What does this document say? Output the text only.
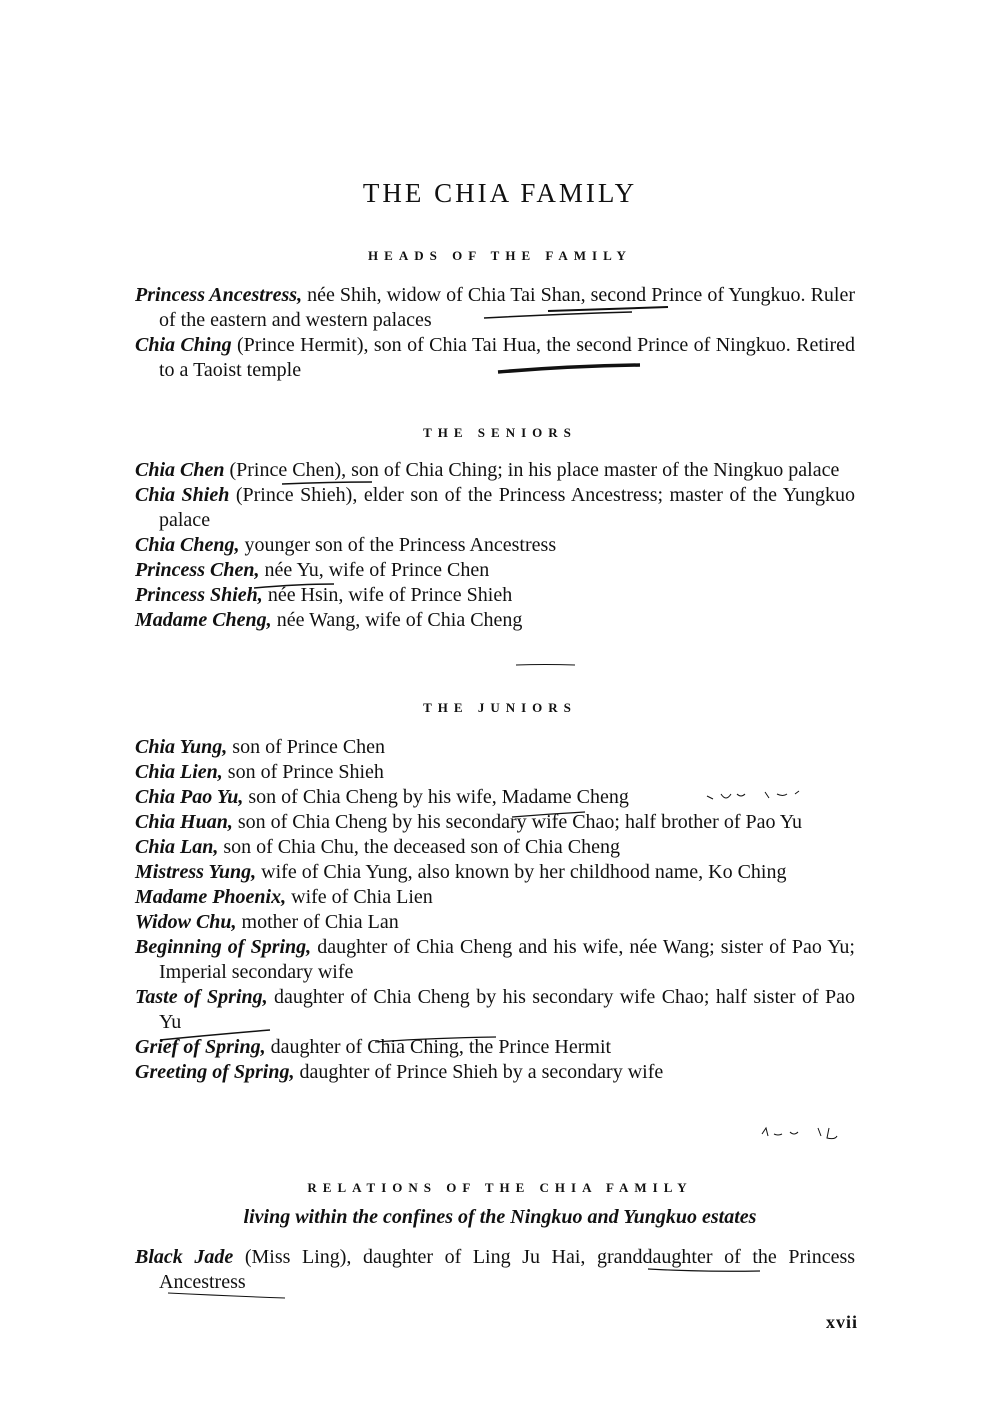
THE CHIA FAMILY
HEADS OF THE FAMILY
Princess Ancestress, née Shih, widow of Chia Tai Shan, second Prince of Yungkuo. Ruler of the eastern and western palaces
Chia Ching (Prince Hermit), son of Chia Tai Hua, the second Prince of Ningkuo. Retired to a Taoist temple
THE SENIORS
Chia Chen (Prince Chen), son of Chia Ching; in his place master of the Ningkuo palace
Chia Shieh (Prince Shieh), elder son of the Princess Ancestress; master of the Yungkuo palace
Chia Cheng, younger son of the Princess Ancestress
Princess Chen, née Yu, wife of Prince Chen
Princess Shieh, née Hsin, wife of Prince Shieh
Madame Cheng, née Wang, wife of Chia Cheng
THE JUNIORS
Chia Yung, son of Prince Chen
Chia Lien, son of Prince Shieh
Chia Pao Yu, son of Chia Cheng by his wife, Madame Cheng
Chia Huan, son of Chia Cheng by his secondary wife Chao; half brother of Pao Yu
Chia Lan, son of Chia Chu, the deceased son of Chia Cheng
Mistress Yung, wife of Chia Yung, also known by her childhood name, Ko Ching
Madame Phoenix, wife of Chia Lien
Widow Chu, mother of Chia Lan
Beginning of Spring, daughter of Chia Cheng and his wife, née Wang; sister of Pao Yu; Imperial secondary wife
Taste of Spring, daughter of Chia Cheng by his secondary wife Chao; half sister of Pao Yu
Grief of Spring, daughter of Chia Ching, the Prince Hermit
Greeting of Spring, daughter of Prince Shieh by a secondary wife
RELATIONS OF THE CHIA FAMILY
living within the confines of the Ningkuo and Yungkuo estates
Black Jade (Miss Ling), daughter of Ling Ju Hai, granddaughter of the Princess Ancestress
xvii
